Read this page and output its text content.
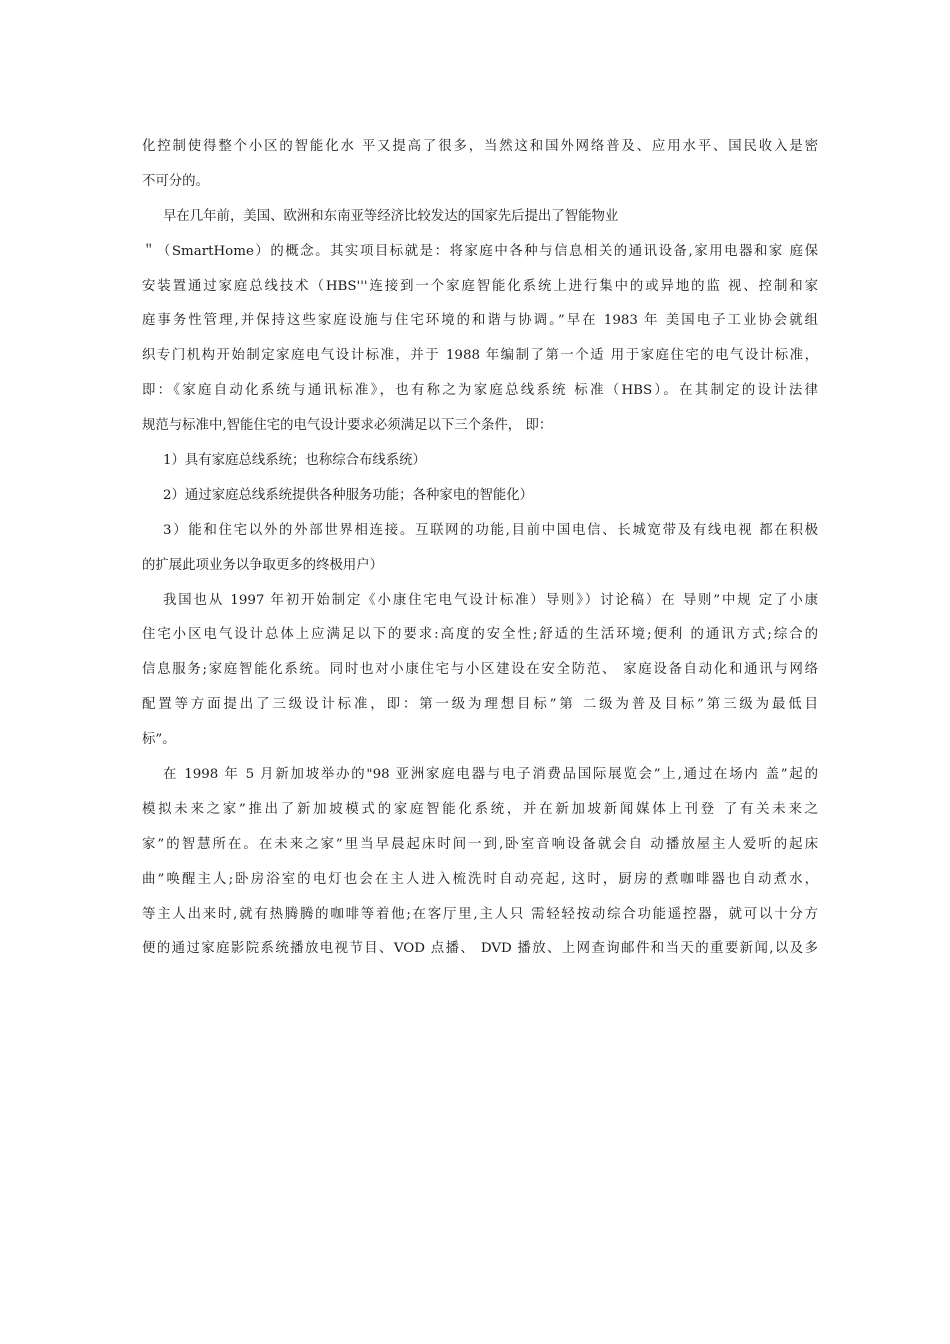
化控制使得整个小区的智能化水 平又提高了很多，当然这和国外网络普及、应用水平、国民收入是密
不可分的。
早在几年前，美国、欧洲和东南亚等经济比较发达的国家先后提出了智能物业
＂（SmartHome）的概念。其实项目标就是：将家庭中各种与信息相关的通讯设备,家用电器和家 庭保
安装置通过家庭总线技术（HBS'''连接到一个家庭智能化系统上进行集中的或异地的监 视、控制和家
庭事务性管理,并保持这些家庭设施与住宅环境的和谐与协调。”早在 1983 年 美国电子工业协会就组
织专门机构开始制定家庭电气设计标准，并于 1988 年编制了第一个适 用于家庭住宅的电气设计标准，
即：《家庭自动化系统与通讯标准》，也有称之为家庭总线系统 标准（HBS）。在其制定的设计法律
规范与标准中,智能住宅的电气设计要求必须满足以下三个条件， 即：
1）具有家庭总线系统；也称综合布线系统）
2）通过家庭总线系统提供各种服务功能；各种家电的智能化）
3）能和住宅以外的外部世界相连接。互联网的功能,目前中国电信、长城宽带及有线电视 都在积极
的扩展此项业务以争取更多的终极用户）
我国也从 1997 年初开始制定《小康住宅电气设计标准）导则》）讨论稿）在 导则”中规 定了小康
住宅小区电气设计总体上应满足以下的要求:高度的安全性;舒适的生活环境;便利 的通讯方式;综合的
信息服务;家庭智能化系统。同时也对小康住宅与小区建设在安全防范、 家庭设备自动化和通讯与网络
配置等方面提出了三级设计标准，即：第一级为理想目标”第 二级为普及目标”第三级为最低目
标”。
在 1998 年 5 月新加坡举办的"98 亚洲家庭电器与电子消费品国际展览会”上,通过在场内 盖”起的
模拟未来之家”推出了新加坡模式的家庭智能化系统，并在新加坡新闻媒体上刊登 了有关未来之
家”的智慧所在。在未来之家”里当早晨起床时间一到,卧室音响设备就会自 动播放屋主人爱听的起床
曲”唤醒主人;卧房浴室的电灯也会在主人进入梳洗时自动亮起, 这时，厨房的煮咖啡器也自动煮水，
等主人出来时,就有热腾腾的咖啡等着他;在客厅里,主人只 需轻轻按动综合功能遥控器，就可以十分方
便的通过家庭影院系统播放电视节目、VOD 点播、 DVD 播放、上网查询邮件和当天的重要新闻,以及多
